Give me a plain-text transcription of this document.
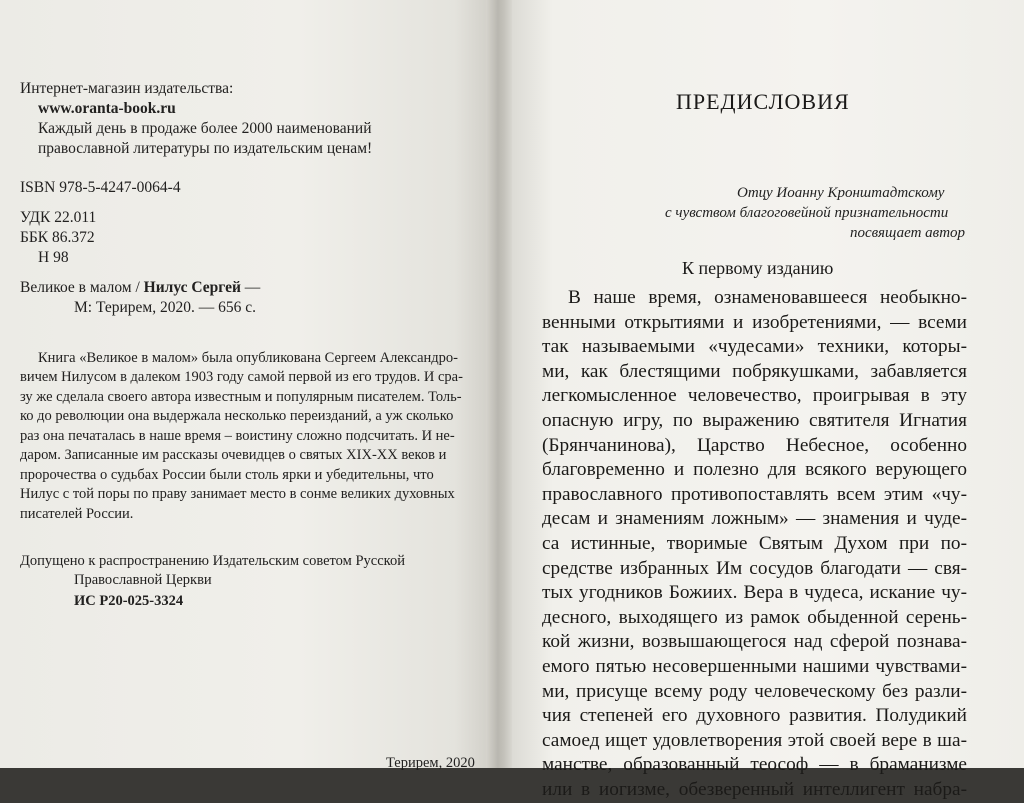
Интернет-магазин издательства:
www.oranta-book.ru
Каждый день в продаже более 2000 наименований
православной литературы по издательским ценам!
ISBN 978-5-4247-0064-4
УДК 22.011
ББК 86.372
Н 98
Великое в малом / Нилус Сергей —
М: Терирем, 2020. — 656 с.
Книга «Великое в малом» была опубликована Сергеем Александро-
вичем Нилусом в далеком 1903 году самой первой из его трудов. И сра-
зу же сделала своего автора известным и популярным писателем. Толь-
ко до революции она выдержала несколько переизданий, а уж сколько
раз она печаталась в наше время – воистину сложно подсчитать. И не-
даром. Записанные им рассказы очевидцев о святых XIX-XX веков и
пророчества о судьбах России были столь ярки и убедительны, что
Нилус с той поры по праву занимает место в сонме великих духовных
писателей России.
Допущено к распространению Издательским советом Русской
Православной Церкви
ИС Р20-025-3324
Терирем, 2020
ПРЕДИСЛОВИЯ
Отцу Иоанну Кронштадтскому
с чувством благоговейной признательности
посвящает автор
К первому изданию
В наше время, ознаменовавшееся необыкно-
венными открытиями и изобретениями, — всеми
так называемыми «чудесами» техники, которы-
ми, как блестящими побрякушками, забавляется
легкомысленное человечество, проигрывая в эту
опасную игру, по выражению святителя Игнатия
(Брянчанинова), Царство Небесное, особенно
благовременно и полезно для всякого верующего
православного противопоставлять всем этим «чу-
десам и знамениям ложным» — знамения и чуде-
са истинные, творимые Святым Духом при по-
средстве избранных Им сосудов благодати — свя-
тых угодников Божиих. Вера в чудеса, искание чу-
десного, выходящего из рамок обыденной серень-
кой жизни, возвышающегося над сферой познава-
емого пятью несовершенными нашими чувствами-
ми, присуще всему роду человеческому без разли-
чия степеней его духовного развития. Полудикий
самоед ищет удовлетворения этой своей вере в ша-
манстве, образованный теософ — в браманизме
или в иогизме, обезверенный интеллигент набра-
